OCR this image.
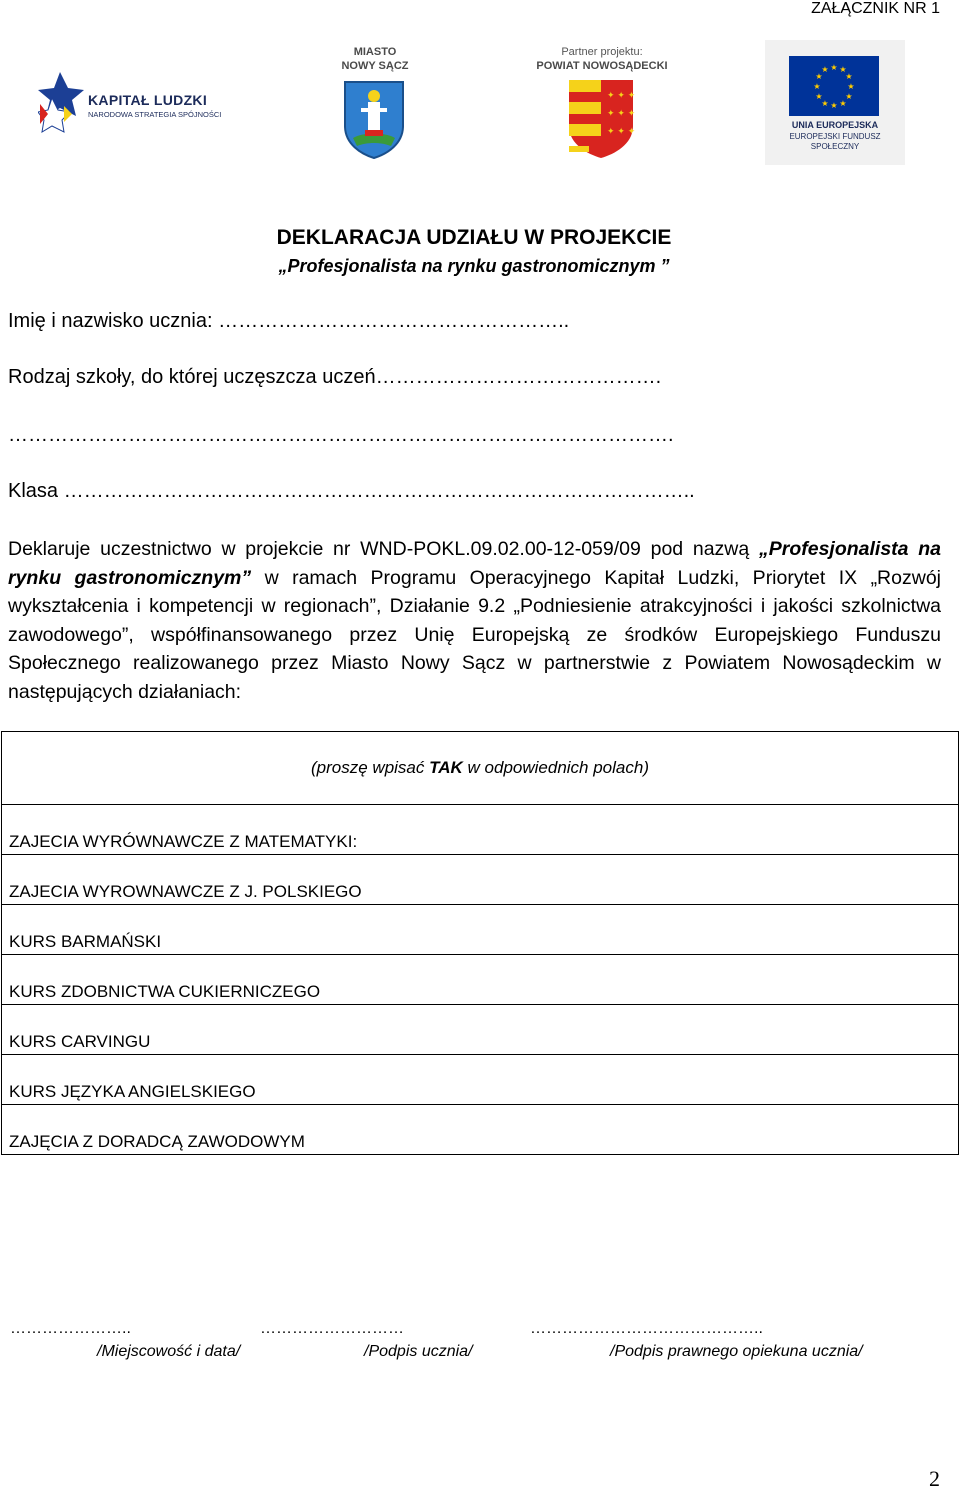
ZAŁĄCZNIK NR 1
KAPITAŁ LUDZKI
NARODOWA STRATEGIA SPÓJNOŚCI
MIASTO
NOWY SĄCZ
Partner projektu:
POWIAT NOWOSĄDECKI
✦ ✦ ✦
✦ ✦ ✦
✦ ✦ ✦
★ ★
★
★
★
★
★
★
★
★
★
★
UNIA EUROPEJSKA
EUROPEJSKI FUNDUSZ
SPOŁECZNY
DEKLARACJA UDZIAŁU W PROJEKCIE
„Profesjonalista na rynku gastronomicznym ”
Imię i nazwisko ucznia: ……………………………………………..
Rodzaj szkoły, do której uczęszcza uczeń…………………………………….
……………………………………………………………………………………….
Klasa …………………………………………………………………………………..
Deklaruje uczestnictwo w projekcie nr WND-POKL.09.02.00-12-059/09 pod nazwą „Profesjonalista na rynku gastronomicznym” w ramach Programu Operacyjnego Kapitał Ludzki, Priorytet IX „Rozwój wykształcenia i kompetencji w regionach”, Działanie 9.2 „Podniesienie atrakcyjności i jakości szkolnictwa zawodowego”, współfinansowanego przez Unię Europejską ze środków Europejskiego Funduszu Społecznego realizowanego przez Miasto Nowy Sącz w partnerstwie z Powiatem Nowosądeckim w następujących działaniach:
(proszę wpisać TAK w odpowiednich polach)
ZAJECIA WYRÓWNAWCZE Z MATEMATYKI:
ZAJECIA WYROWNAWCZE Z J. POLSKIEGO
KURS BARMAŃSKI
KURS ZDOBNICTWA CUKIERNICZEGO
KURS CARVINGU
KURS JĘZYKA ANGIELSKIEGO
ZAJĘCIA Z DORADCĄ ZAWODOWYM
…………………..	………………………	……………………………………..
/Miejscowość i data/	/Podpis ucznia/	/Podpis prawnego opiekuna ucznia/
2
